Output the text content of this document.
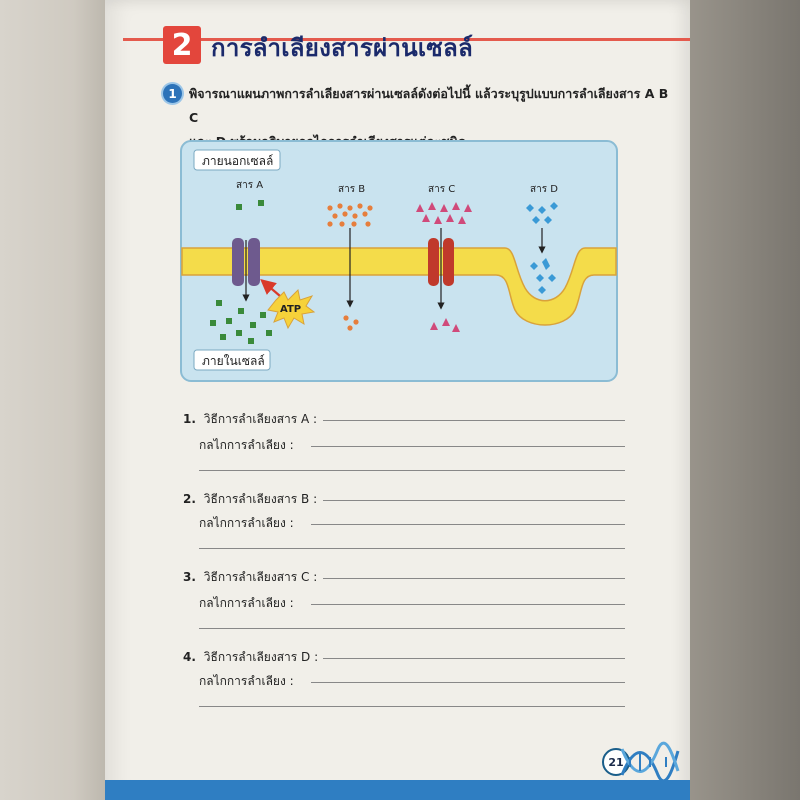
2 การลำเลียงสารผ่านเซลล์
1 พิจารณาแผนภาพการลำเลียงสารผ่านเซลล์ดังต่อไปนี้ แล้วระบุรูปแบบการลำเลียงสาร A B C
ภายนอกเซลล์
ภายในเซลล์
สาร A	สาร B	สาร C	สาร D
ATP
1. วิธีการลำเลียงสาร A :
กลไกการลำเลียง :
2. วิธีการลำเลียงสาร B :
กลไกการลำเลียง :
3. วิธีการลำเลียงสาร C :
กลไกการลำเลียง :
4. วิธีการลำเลียงสาร D :
กลไกการลำเลียง :
21
